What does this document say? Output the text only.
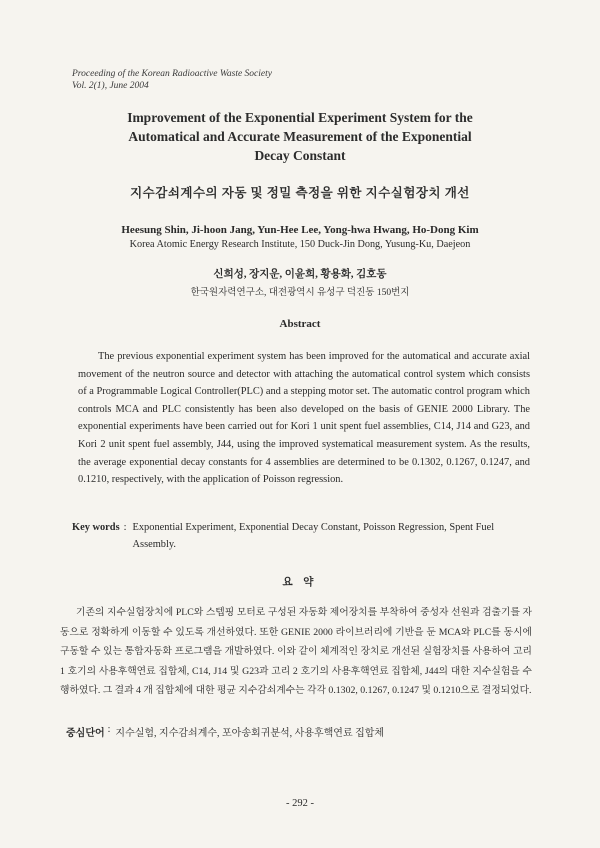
Proceeding of the Korean Radioactive Waste Society
Vol. 2(1), June 2004
Improvement of the Exponential Experiment System for the
Automatical and Accurate Measurement of the Exponential
Decay Constant
지수감쇠계수의 자동 및 정밀 측정을 위한 지수실험장치 개선
Heesung Shin, Ji-hoon Jang, Yun-Hee Lee, Yong-hwa Hwang, Ho-Dong Kim
Korea Atomic Energy Research Institute, 150 Duck-Jin Dong, Yusung-Ku, Daejeon
신희성, 장지운, 이윤희, 황용화, 김호동
한국원자력연구소, 대전광역시 유성구 덕진동 150번지
Abstract

The previous exponential experiment system has been improved for the automatical and accurate axial movement of the neutron source and detector with attaching the automatical control system which consists of a Programmable Logical Controller(PLC) and a stepping motor set. The automatic control program which controls MCA and PLC consistently has been also developed on the basis of GENIE 2000 Library. The exponential experiments have been carried out for Kori 1 unit spent fuel assemblies, C14, J14 and G23, and Kori 2 unit spent fuel assembly, J44, using the improved systematical measurement system. As the results, the average exponential decay constants for 4 assemblies are determined to be 0.1302, 0.1267, 0.1247, and 0.1210, respectively, with the application of Poisson regression.

Key words : Exponential Experiment, Exponential Decay Constant, Poisson Regression, Spent Fuel Assembly.
요 약

기존의 지수실험장치에 PLC와 스텝핑 모터로 구성된 자동화 제어장치를 부착하여 중성자 선원과 검출기를 자동으로 정확하게 이동할 수 있도록 개선하였다. 또한 GENIE 2000 라이브러리에 기반을 둔 MCA와 PLC를 동시에 구동할 수 있는 통합자동화 프로그램을 개발하였다. 이와 같이 체계적인 장치로 개선된 실험장치를 사용하여 고리 1 호기의 사용후핵연료 집합체, C14, J14 및 G23과 고리 2 호기의 사용후핵연료 집합체, J44의 대한 지수실험을 수행하였다. 그 결과 4 개 집합체에 대한 평균 지수감쇠계수는 각각 0.1302, 0.1267, 0.1247 및 0.1210으로 결정되었다.

중심단어 : 지수실험, 지수감쇠계수, 포아송회귀분석, 사용후핵연료 집합체
- 292 -
